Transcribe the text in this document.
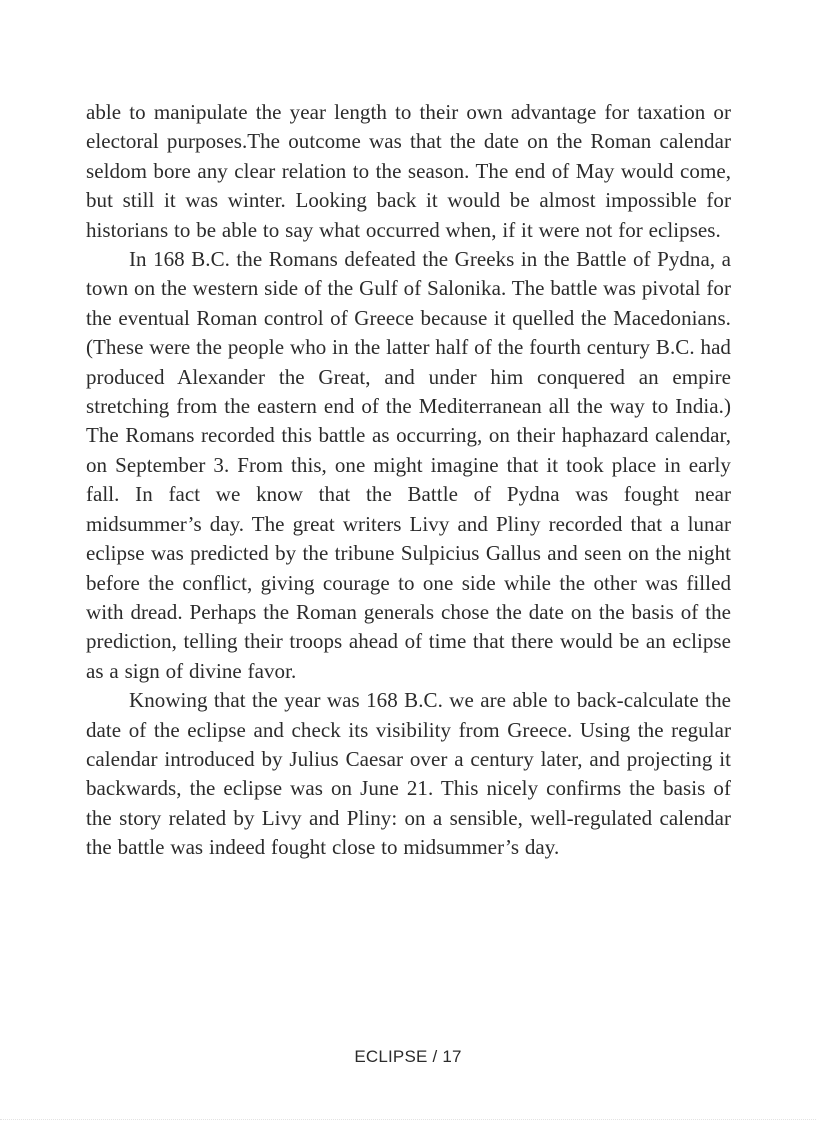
able to manipulate the year length to their own advantage for taxation or electoral purposes.The outcome was that the date on the Roman calendar seldom bore any clear relation to the season. The end of May would come, but still it was winter. Looking back it would be almost impossible for historians to be able to say what occurred when, if it were not for eclipses.

In 168 B.C. the Romans defeated the Greeks in the Battle of Pydna, a town on the western side of the Gulf of Salonika. The battle was pivotal for the eventual Roman control of Greece because it quelled the Macedonians. (These were the people who in the latter half of the fourth century B.C. had produced Alexander the Great, and under him conquered an empire stretching from the eastern end of the Mediterranean all the way to India.) The Romans recorded this battle as occurring, on their haphazard calendar, on September 3. From this, one might imagine that it took place in early fall. In fact we know that the Battle of Pydna was fought near midsummer’s day. The great writers Livy and Pliny recorded that a lunar eclipse was predicted by the tribune Sulpicius Gallus and seen on the night before the conflict, giving courage to one side while the other was filled with dread. Perhaps the Roman generals chose the date on the basis of the prediction, telling their troops ahead of time that there would be an eclipse as a sign of divine favor.

Knowing that the year was 168 B.C. we are able to back-calculate the date of the eclipse and check its visibility from Greece. Using the regular calendar introduced by Julius Caesar over a century later, and projecting it backwards, the eclipse was on June 21. This nicely confirms the basis of the story related by Livy and Pliny: on a sensible, well-regulated calendar the battle was indeed fought close to midsummer’s day.

ECLIPSE / 17
